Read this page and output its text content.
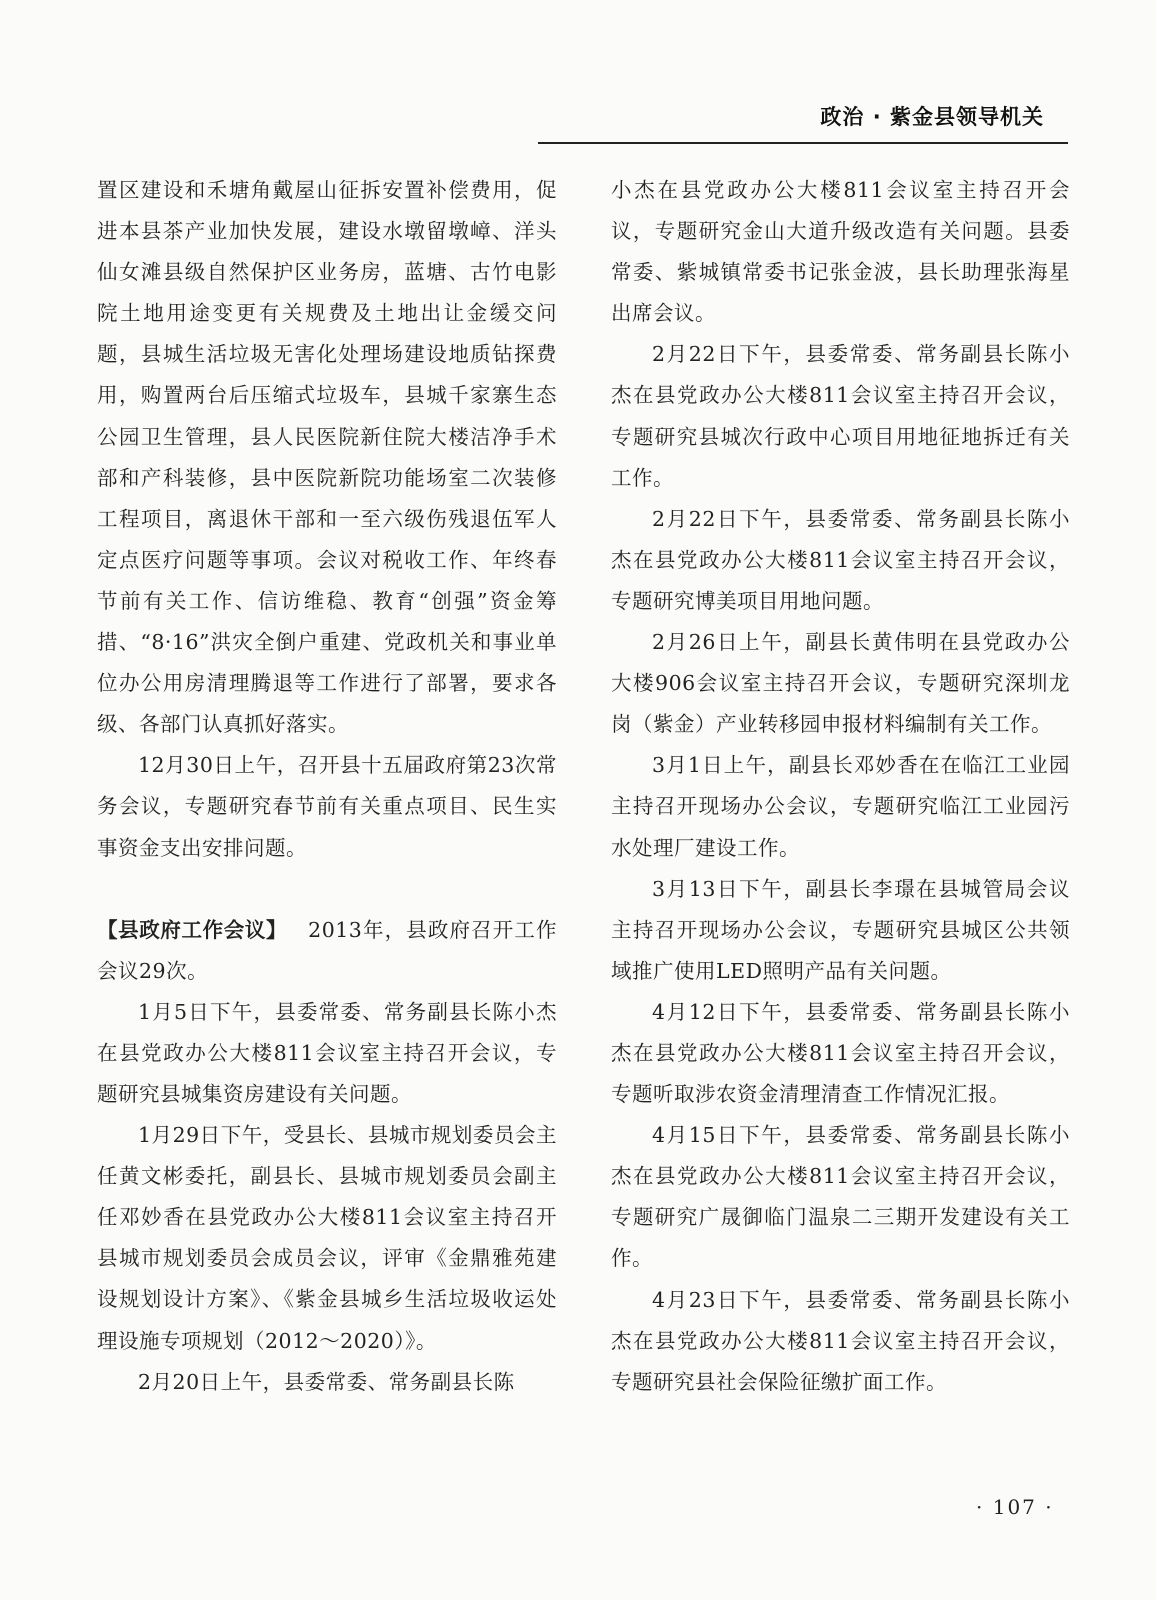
政治 · 紫金县领导机关

置区建设和禾塘角戴屋山征拆安置补偿费用，促进本县茶产业加快发展，建设水墩留墩嶂、洋头仙女滩县级自然保护区业务房，蓝塘、古竹电影院土地用途变更有关规费及土地出让金缓交问题，县城生活垃圾无害化处理场建设地质钻探费用，购置两台后压缩式垃圾车，县城千家寨生态公园卫生管理，县人民医院新住院大楼洁净手术部和产科装修，县中医院新院功能场室二次装修工程项目，离退休干部和一至六级伤残退伍军人定点医疗问题等事项。会议对税收工作、年终春节前有关工作、信访维稳、教育“创强”资金筹措、“8·16”洪灾全倒户重建、党政机关和事业单位办公用房清理腾退等工作进行了部署，要求各级、各部门认真抓好落实。

12月30日上午，召开县十五届政府第23次常务会议，专题研究春节前有关重点项目、民生实事资金支出安排问题。

【县政府工作会议】  2013年，县政府召开工作会议29次。

1月5日下午，县委常委、常务副县长陈小杰在县党政办公大楼811会议室主持召开会议，专题研究县城集资房建设有关问题。

1月29日下午，受县长、县城市规划委员会主任黄文彬委托，副县长、县城市规划委员会副主任邓妙香在县党政办公大楼811会议室主持召开县城市规划委员会成员会议，评审《金鼎雅苑建设规划设计方案》、《紫金县城乡生活垃圾收运处理设施专项规划（2012～2020）》。

2月20日上午，县委常委、常务副县长陈

小杰在县党政办公大楼811会议室主持召开会议，专题研究金山大道升级改造有关问题。县委常委、紫城镇常委书记张金波，县长助理张海星出席会议。

2月22日下午，县委常委、常务副县长陈小杰在县党政办公大楼811会议室主持召开会议，专题研究县城次行政中心项目用地征地拆迁有关工作。

2月22日下午，县委常委、常务副县长陈小杰在县党政办公大楼811会议室主持召开会议，专题研究博美项目用地问题。

2月26日上午，副县长黄伟明在县党政办公大楼906会议室主持召开会议，专题研究深圳龙岗（紫金）产业转移园申报材料编制有关工作。

3月1日上午，副县长邓妙香在在临江工业园主持召开现场办公会议，专题研究临江工业园污水处理厂建设工作。

3月13日下午，副县长李璟在县城管局会议主持召开现场办公会议，专题研究县城区公共领域推广使用LED照明产品有关问题。

4月12日下午，县委常委、常务副县长陈小杰在县党政办公大楼811会议室主持召开会议，专题听取涉农资金清理清查工作情况汇报。

4月15日下午，县委常委、常务副县长陈小杰在县党政办公大楼811会议室主持召开会议，专题研究广晟御临门温泉二三期开发建设有关工作。

4月23日下午，县委常委、常务副县长陈小杰在县党政办公大楼811会议室主持召开会议，专题研究县社会保险征缴扩面工作。

· 107 ·
